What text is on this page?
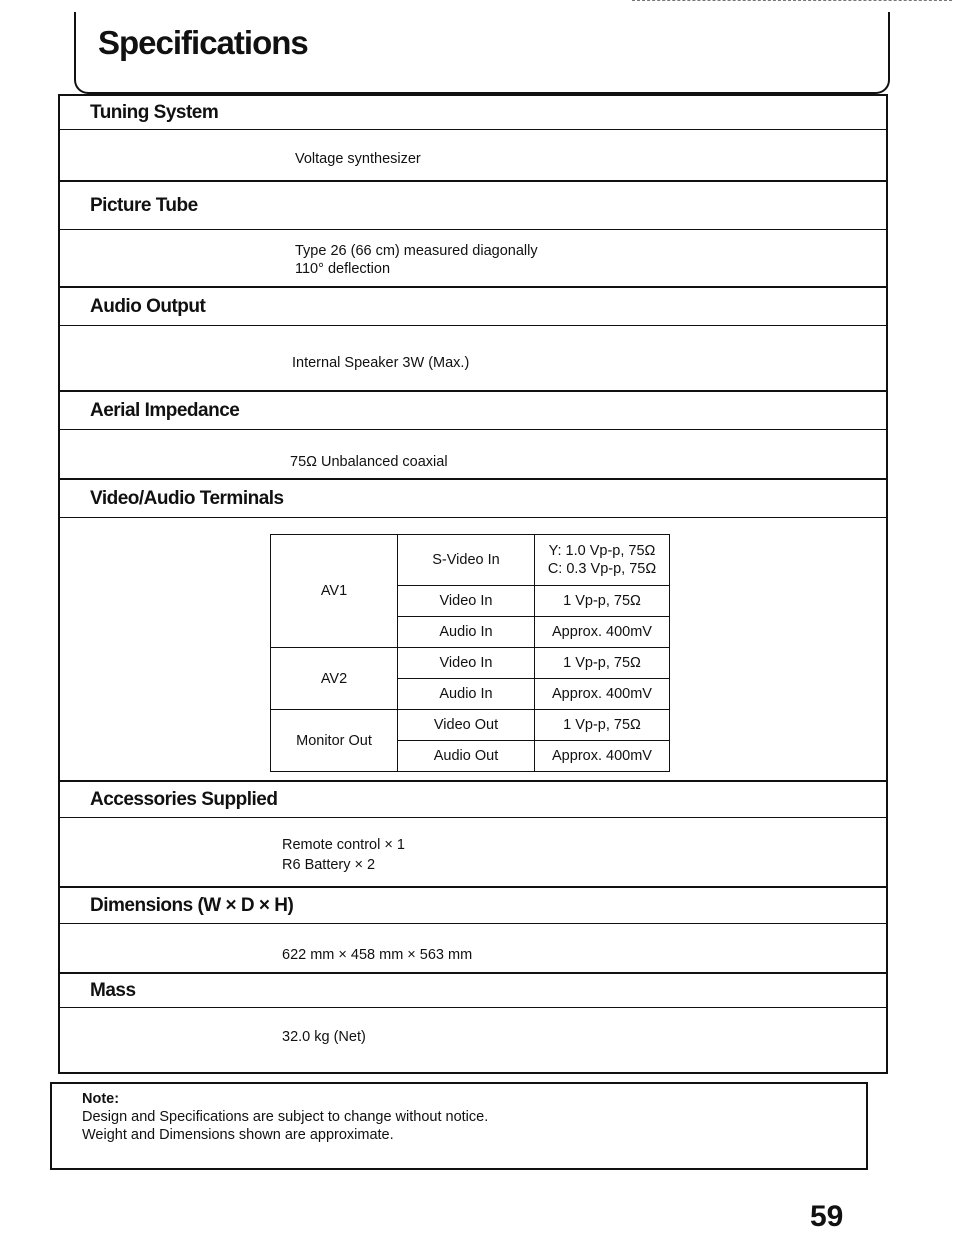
Specifications
Tuning System
Voltage synthesizer
Picture Tube
Type 26 (66 cm) measured diagonally
110° deflection
Audio Output
Internal Speaker 3W (Max.)
Aerial Impedance
75Ω Unbalanced coaxial
Video/Audio Terminals
AV1	S-Video In	Y: 1.0 Vp-p, 75Ω
C: 0.3 Vp-p, 75Ω

	Video In	1 Vp-p, 75Ω
	Audio In	Approx. 400mV
AV2	Video In	1 Vp-p, 75Ω
	Audio In	Approx. 400mV
Monitor Out	Video Out	1 Vp-p, 75Ω
	Audio Out	Approx. 400mV
Accessories Supplied
Remote control × 1
R6 Battery × 2
Dimensions (W × D × H)
622 mm × 458 mm × 563 mm
Mass
32.0 kg (Net)
Note:
Design and Specifications are subject to change without notice.
Weight and Dimensions shown are approximate.
59
